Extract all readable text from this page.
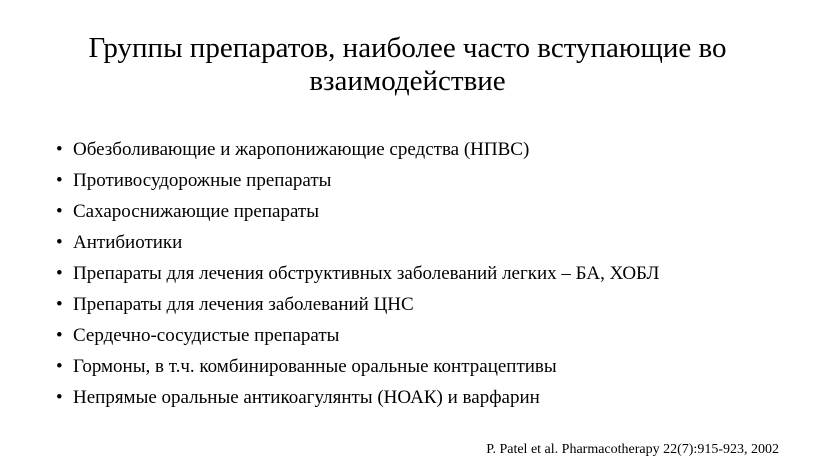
Группы препаратов, наиболее часто вступающие во взаимодействие
• Обезболивающие и жаропонижающие средства (НПВС)
• Противосудорожные препараты
• Сахароснижающие препараты
• Антибиотики
• Препараты для лечения обструктивных заболеваний легких – БА, ХОБЛ
• Препараты для лечения заболеваний ЦНС
• Сердечно-сосудистые препараты
• Гормоны, в т.ч. комбинированные оральные контрацептивы
• Непрямые оральные антикоагулянты (НОАК) и варфарин
P. Patel et al. Pharmacotherapy 22(7):915-923, 2002
